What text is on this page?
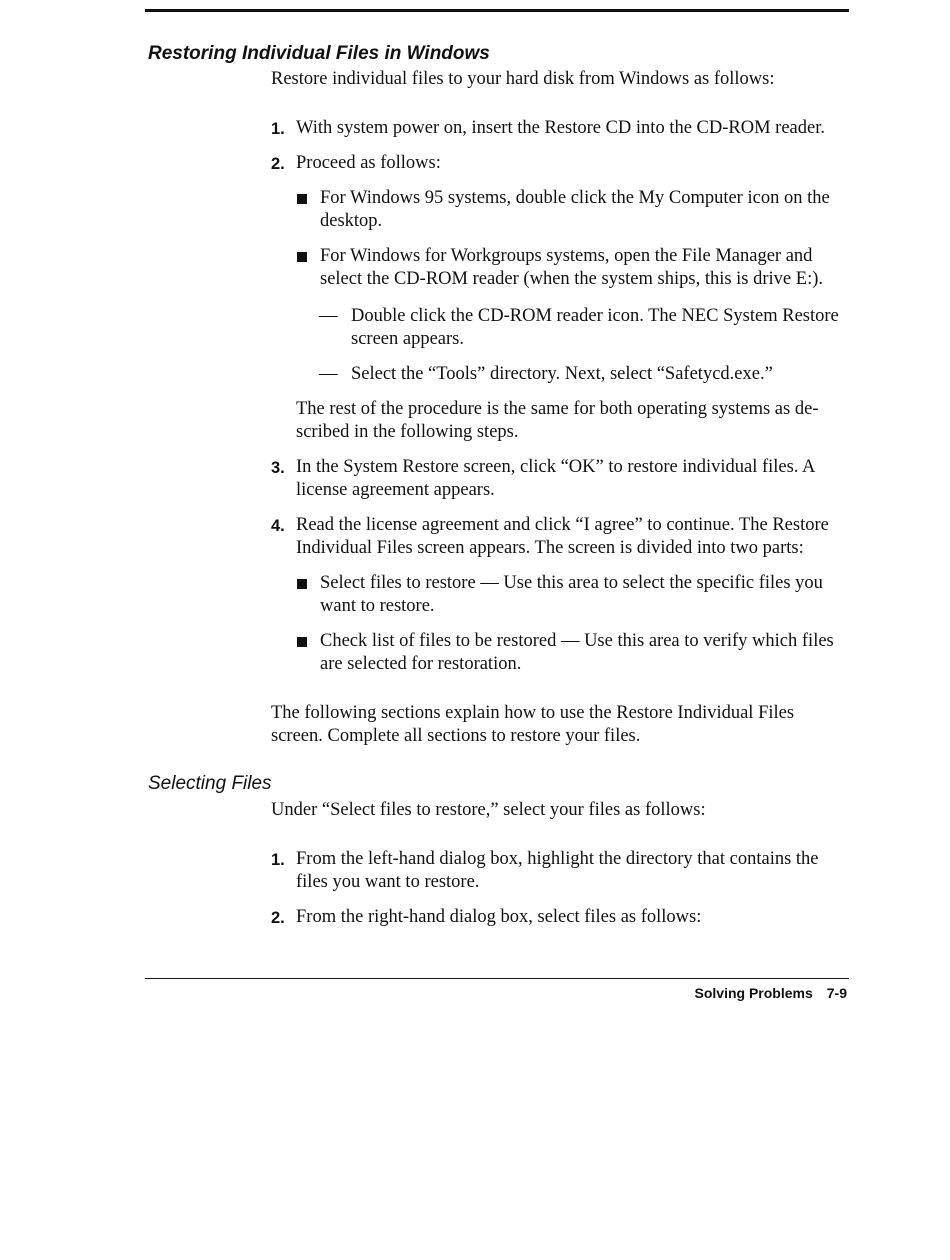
Restoring Individual Files in Windows

Restore individual files to your hard disk from Windows as follows:

1. With system power on, insert the Restore CD into the CD-ROM reader.

2. Proceed as follows:

For Windows 95 systems, double click the My Computer icon on the desktop.

For Windows for Workgroups systems, open the File Manager and select the CD-ROM reader (when the system ships, this is drive E:).

— Double click the CD-ROM reader icon. The NEC System Restore screen appears.

— Select the “Tools” directory. Next, select “Safetycd.exe.”

The rest of the procedure is the same for both operating systems as described in the following steps.

3. In the System Restore screen, click “OK” to restore individual files. A license agreement appears.

4. Read the license agreement and click “I agree” to continue. The Restore Individual Files screen appears. The screen is divided into two parts:

Select files to restore — Use this area to select the specific files you want to restore.

Check list of files to be restored — Use this area to verify which files are selected for restoration.

The following sections explain how to use the Restore Individual Files screen. Complete all sections to restore your files.

Selecting Files

Under “Select files to restore,” select your files as follows:

1. From the left-hand dialog box, highlight the directory that contains the files you want to restore.

2. From the right-hand dialog box, select files as follows:

Solving Problems 7-9
